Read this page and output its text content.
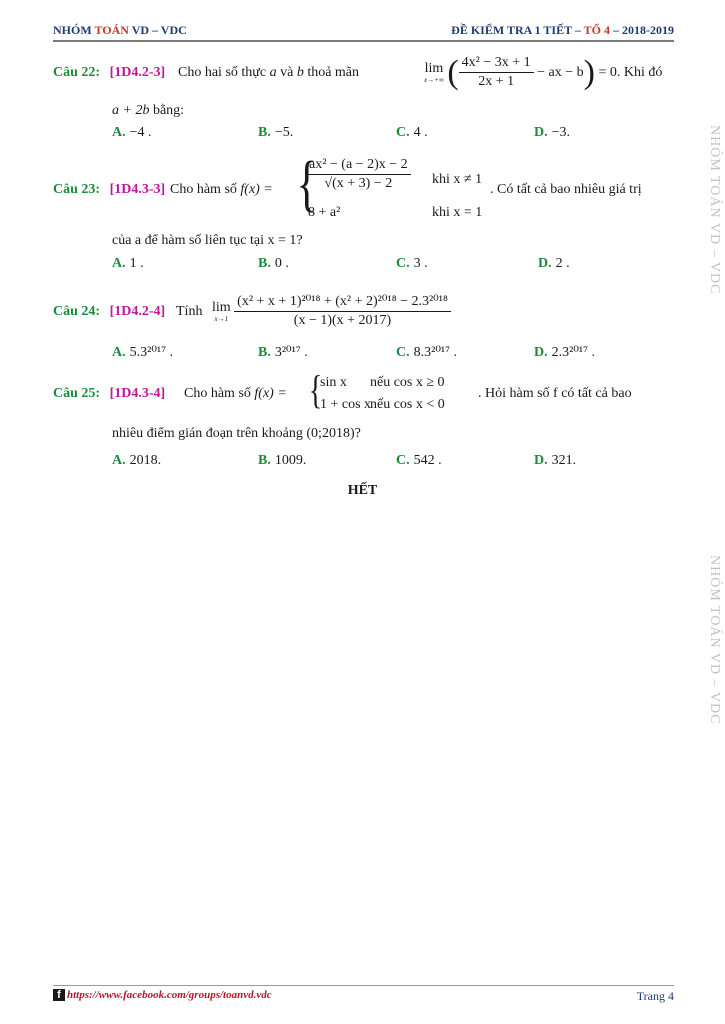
NHÓM TOÁN VD – VDC	ĐỀ KIỂM TRA 1 TIẾT – TỔ 4 – 2018-2019
NHÓM TOÁN VD – VDC
NHÓM TOÁN VD – VDC
Câu 22: [1D4.2-3] Cho hai số thực a và b thoả mãn	lim
x→+∞ ( $\frac{\text{4x² − 3x + 1}}{2x + 1}$ − ax − b) = 0. Khi đó
a + 2b bằng:
A. −4 .	B. −5.	C. 4 .	D. −3.
Câu 23: [1D4.3-3] Cho hàm số f(x) = {
$\frac{\text{ax² − (a − 2)x − 2}}{√(x + 3) - 2}$ khi x ≠ 1
8 + a²	khi x = 1
. Có tất cả bao nhiêu giá trị
của a để hàm số liên tục tại x = 1?
A. 1 .	B. 0 .	C. 3 .	D. 2 .
Câu 24: [1D4.2-4] Tính lim
x→1
$\frac{\text{(x² + x + 1)²⁰¹⁸ + (x² + 2)²⁰¹⁸ − 2.3²⁰¹⁸}}{(x - 1)(x + 2017)}$
A. 5.3²⁰¹⁷ .	B. 3²⁰¹⁷ .	C. 8.3²⁰¹⁷ .	D. 2.3²⁰¹⁷ .
Câu 25: [1D4.3-4] Cho hàm số f(x) = {
sin x nếu cos x ≥ 0
1 + cos x
nếu cos x < 0
. Hỏi hàm số f có tất cả bao
nhiêu điểm gián đoạn trên khoảng (0;2018)?
A. 2018.	B. 1009.	C. 542 .	D. 321.
HẾT
f https://www.facebook.com/groups/toanvd.vdc	Trang 4
